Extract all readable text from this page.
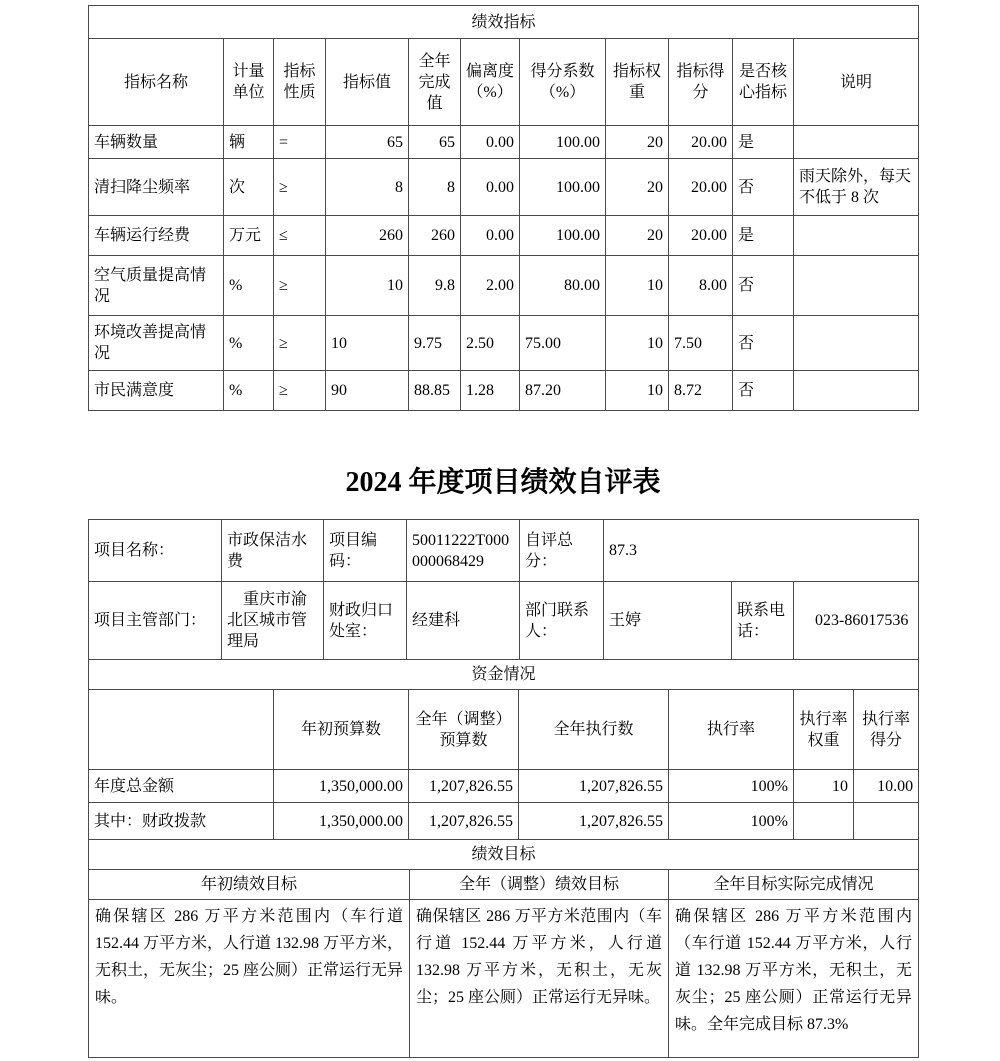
绩效指标										
指标名称	计量单位	指标性质	指标值	全年完成值	偏离度（%）	得分系数（%）	指标权重	指标得分	是否核心指标	说明
车辆数量	辆	=	65	65	0.00	100.00	20	20.00	是	
清扫降尘频率	次	≥	8	8	0.00	100.00	20	20.00	否	雨天除外，每天不低于 8 次
车辆运行经费	万元	≤	260	260	0.00	100.00	20	20.00	是	
空气质量提高情况	%	≥	10	9.8	2.00	80.00	10	8.00	否	
环境改善提高情况	%	≥	10	9.75	2.50	75.00	10	7.50	否	
市民满意度	%	≥	90	88.85	1.28	87.20	10	8.72	否	
2024 年度项目绩效自评表
项目名称：	市政保洁水费	项目编码：	50011222T000000068429	自评总分：	87.3		
项目主管部门：	重庆市渝北区城市管理局	财政归口处室：	经建科	部门联系人：	王婷	联系电话：	023-86017536
资金情况						
	年初预算数	全年（调整）预算数	全年执行数	执行率	执行率权重	执行率得分
年度总金额	1,350,000.00	1,207,826.55	1,207,826.55	100%	10	10.00
其中：财政拨款	1,350,000.00	1,207,826.55	1,207,826.55	100%		
绩效目标		
年初绩效目标	全年（调整）绩效目标	全年目标实际完成情况
确保辖区 286 万平方米范围内（车行道 152.44 万平方米，人行道 132.98 万平方米，无积土，无灰尘；25 座公厕）正常运行无异味。	确保辖区 286 万平方米范围内（车行道 152.44 万平方米，人行道 132.98 万平方米，无积土，无灰尘；25 座公厕）正常运行无异味。	确保辖区 286 万平方米范围内（车行道 152.44 万平方米，人行道 132.98 万平方米，无积土，无灰尘；25 座公厕）正常运行无异味。全年完成目标 87.3%
